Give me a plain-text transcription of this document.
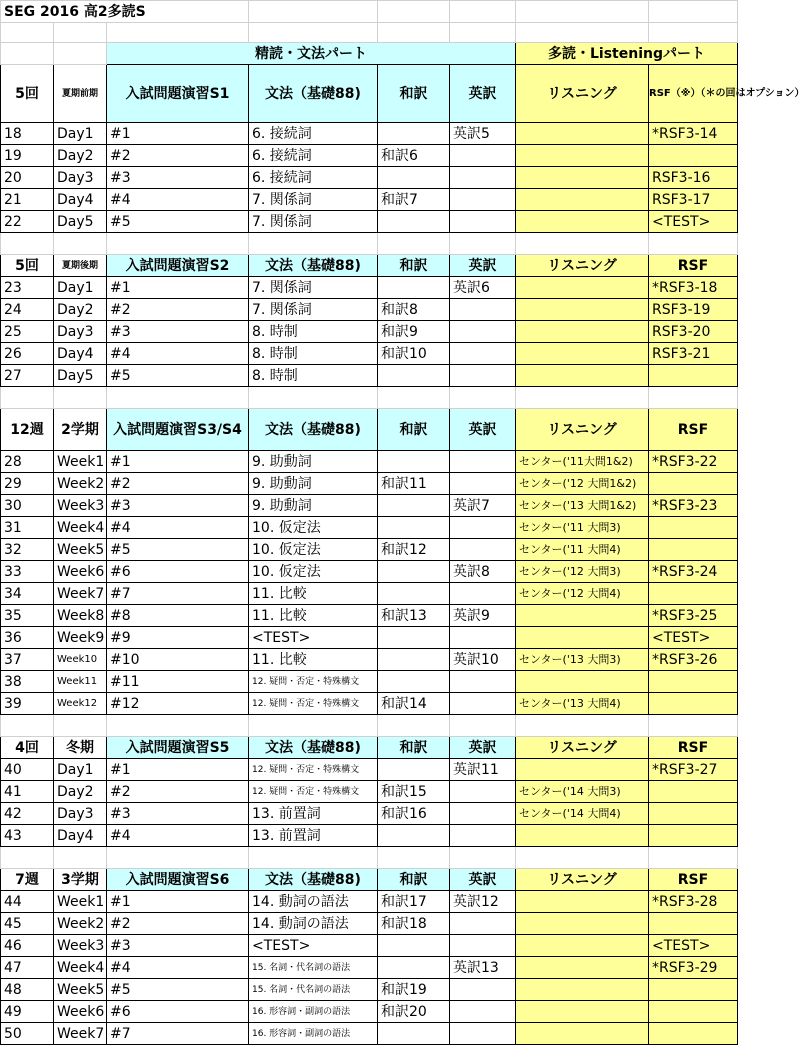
SEG 2016 高2多読S							

		精読・文法パート				多読・Listeningパート	
5回	夏期前期	入試問題演習S1	文法（基礎88)	和訳	英訳	リスニング	RSF（※）（＊の回はオプション）
18	Day1	#1	6. 接続詞		英訳5		*RSF3-14
19	Day2	#2	6. 接続詞	和訳6			
20	Day3	#3	6. 接続詞				RSF3-16
21	Day4	#4	7. 関係詞	和訳7			RSF3-17
22	Day5	#5	7. 関係詞				<TEST>

5回	夏期後期	入試問題演習S2	文法（基礎88)	和訳	英訳	リスニング	RSF
23	Day1	#1	7. 関係詞		英訳6		*RSF3-18
24	Day2	#2	7. 関係詞	和訳8			RSF3-19
25	Day3	#3	8. 時制	和訳9			RSF3-20
26	Day4	#4	8. 時制	和訳10			RSF3-21
27	Day5	#5	8. 時制				

12週	2学期	入試問題演習S3/S4	文法（基礎88)	和訳	英訳	リスニング	RSF
28	Week1	#1	9. 助動詞			センター('11大問1&2)	*RSF3-22
29	Week2	#2	9. 助動詞	和訳11		センター('12 大問1&2)	
30	Week3	#3	9. 助動詞		英訳7	センター('13 大問1&2)	*RSF3-23
31	Week4	#4	10. 仮定法			センター('11 大問3)	
32	Week5	#5	10. 仮定法	和訳12		センター('11 大問4)	
33	Week6	#6	10. 仮定法		英訳8	センター('12 大問3)	*RSF3-24
34	Week7	#7	11. 比較			センター('12 大問4)	
35	Week8	#8	11. 比較	和訳13	英訳9		*RSF3-25
36	Week9	#9	<TEST>				<TEST>
37	Week10	#10	11. 比較		英訳10	センター('13 大問3)	*RSF3-26
38	Week11	#11	12. 疑問・否定・特殊構文				
39	Week12	#12	12. 疑問・否定・特殊構文	和訳14		センター('13 大問4)	

4回	冬期	入試問題演習S5	文法（基礎88)	和訳	英訳	リスニング	RSF
40	Day1	#1	12. 疑問・否定・特殊構文		英訳11		*RSF3-27
41	Day2	#2	12. 疑問・否定・特殊構文	和訳15		センター('14 大問3)	
42	Day3	#3	13. 前置詞	和訳16		センター('14 大問4)	
43	Day4	#4	13. 前置詞				

7週	3学期	入試問題演習S6	文法（基礎88)	和訳	英訳	リスニング	RSF
44	Week1	#1	14. 動詞の語法	和訳17	英訳12		*RSF3-28
45	Week2	#2	14. 動詞の語法	和訳18			
46	Week3	#3	<TEST>				<TEST>
47	Week4	#4	15. 名詞・代名詞の語法		英訳13		*RSF3-29
48	Week5	#5	15. 名詞・代名詞の語法	和訳19			
49	Week6	#6	16. 形容詞・副詞の語法	和訳20			
50	Week7	#7	16. 形容詞・副詞の語法				
